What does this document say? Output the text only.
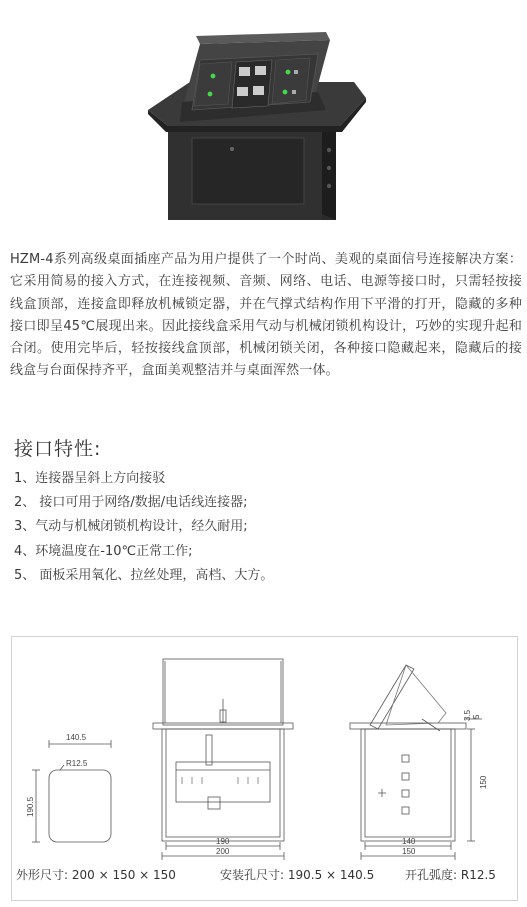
HZM-4系列高级桌面插座产品为用户提供了一个时尚、美观的桌面信号连接解决方案：它采用简易的接入方式，在连接视频、音频、网络、电话、电源等接口时，只需轻按接线盒顶部，连接盒即释放机械锁定器，并在气撑式结构作用下平滑的打开，隐藏的多种接口即呈45℃展现出来。因此接线盒采用气动与机械闭锁机构设计，巧妙的实现升起和合闭。使用完毕后，轻按接线盒顶部，机械闭锁关闭，各种接口隐藏起来，隐藏后的接线盒与台面保持齐平，盒面美观整洁并与桌面浑然一体。

接口特性:
1、连接器呈斜上方向接驳
2、 接口可用于网络/数据/电话线连接器;
3、气动与机械闭锁机构设计，经久耐用;
4、环境温度在-10℃正常工作;
5、 面板采用氧化、拉丝处理，高档、大方。
140.5
R12.5
190.5
190
200
140
150
150
3.5 5
外形尺寸: 200 × 150 × 150	安装孔尺寸: 190.5 × 140.5	开孔弧度: R12.5
